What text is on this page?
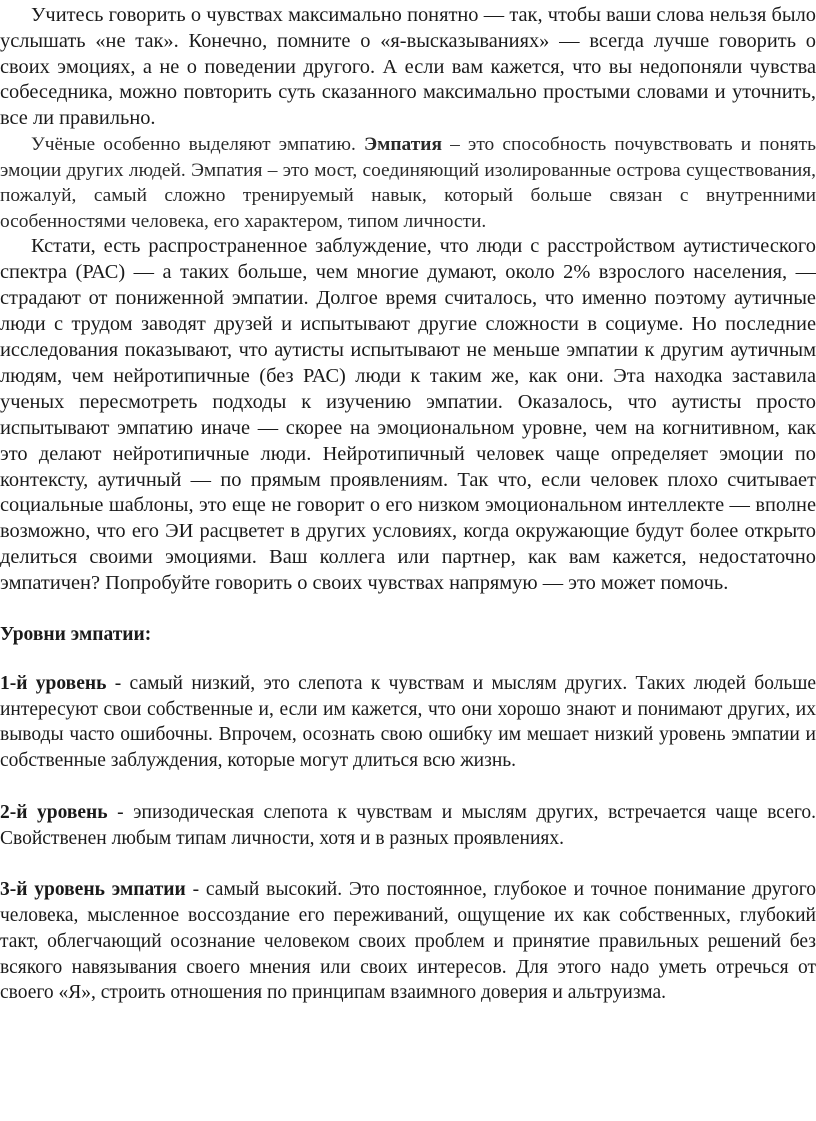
Учитесь говорить о чувствах максимально понятно — так, чтобы ваши слова нельзя было услышать «не так». Конечно, помните о «я-высказываниях» — всегда лучше говорить о своих эмоциях, а не о поведении другого. А если вам кажется, что вы недопоняли чувства собеседника, можно повторить суть сказанного максимально простыми словами и уточнить, все ли правильно.

Учёные особенно выделяют эмпатию. Эмпатия – это способность почувствовать и понять эмоции других людей. Эмпатия – это мост, соединяющий изолированные острова существования, пожалуй, самый сложно тренируемый навык, который больше связан с внутренними особенностями человека, его характером, типом личности.

Кстати, есть распространенное заблуждение, что люди с расстройством аутистического спектра (РАС) — а таких больше, чем многие думают, около 2% взрослого населения, — страдают от пониженной эмпатии. Долгое время считалось, что именно поэтому аутичные люди с трудом заводят друзей и испытывают другие сложности в социуме. Но последние исследования показывают, что аутисты испытывают не меньше эмпатии к другим аутичным людям, чем нейротипичные (без РАС) люди к таким же, как они. Эта находка заставила ученых пересмотреть подходы к изучению эмпатии. Оказалось, что аутисты просто испытывают эмпатию иначе — скорее на эмоциональном уровне, чем на когнитивном, как это делают нейротипичные люди. Нейротипичный человек чаще определяет эмоции по контексту, аутичный — по прямым проявлениям. Так что, если человек плохо считывает социальные шаблоны, это еще не говорит о его низком эмоциональном интеллекте — вполне возможно, что его ЭИ расцветет в других условиях, когда окружающие будут более открыто делиться своими эмоциями. Ваш коллега или партнер, как вам кажется, недостаточно эмпатичен? Попробуйте говорить о своих чувствах напрямую — это может помочь.

Уровни эмпатии:

1-й уровень - самый низкий, это слепота к чувствам и мыслям других. Таких людей больше интересуют свои собственные и, если им кажется, что они хорошо знают и понимают других, их выводы часто ошибочны. Впрочем, осознать свою ошибку им мешает низкий уровень эмпатии и собственные заблуждения, которые могут длиться всю жизнь.

2-й уровень - эпизодическая слепота к чувствам и мыслям других, встречается чаще всего. Свойственен любым типам личности, хотя и в разных проявлениях.

3-й уровень эмпатии - самый высокий. Это постоянное, глубокое и точное понимание другого человека, мысленное воссоздание его переживаний, ощущение их как собственных, глубокий такт, облегчающий осознание человеком своих проблем и принятие правильных решений без всякого навязывания своего мнения или своих интересов. Для этого надо уметь отречься от своего «Я», строить отношения по принципам взаимного доверия и альтруизма.
